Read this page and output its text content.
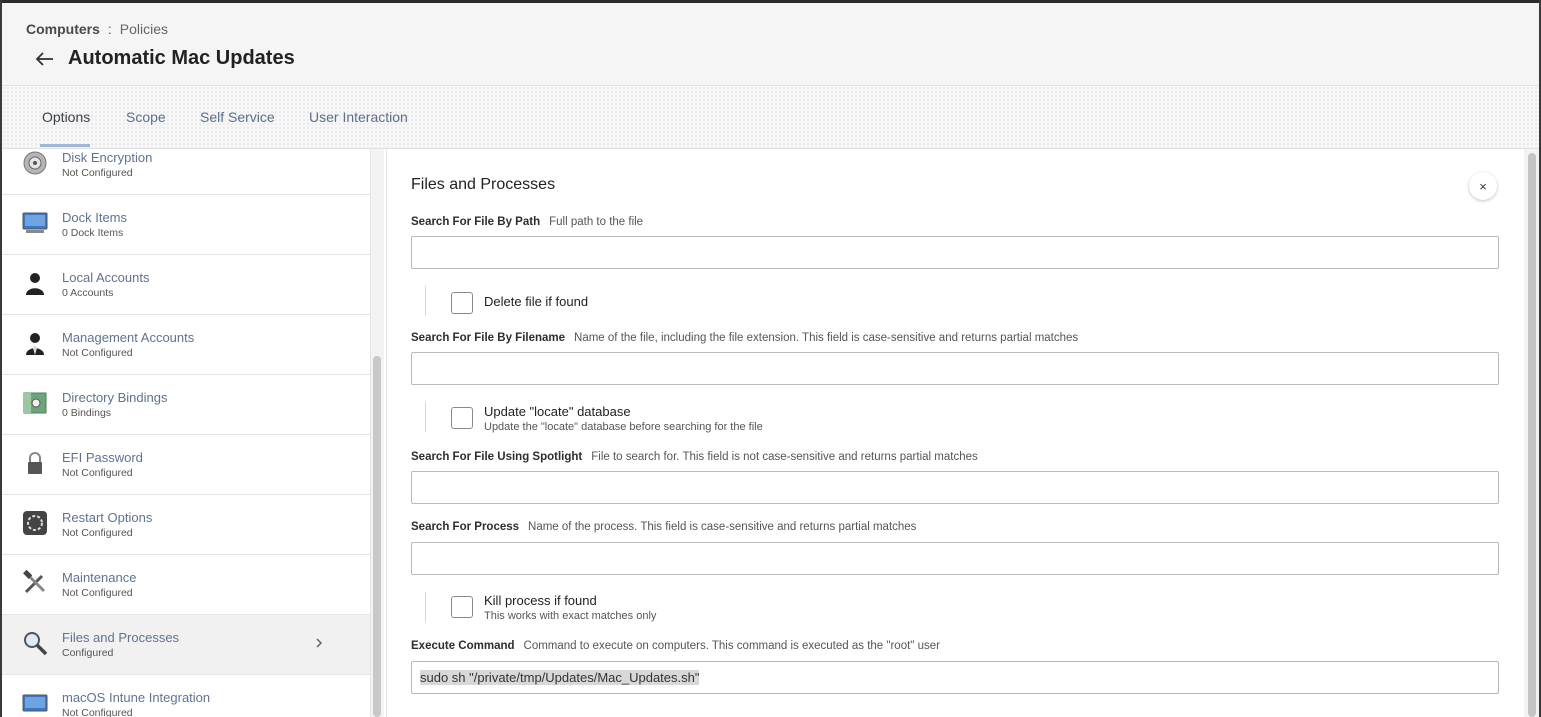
Computers : Policies
Automatic Mac Updates
Options	Scope Self Service User Interaction
Disk Encryption
Not Configured
Dock Items
0 Dock Items
Local Accounts
0 Accounts
Management Accounts
Not Configured
Directory Bindings
0 Bindings
EFI Password
Not Configured
Restart Options
Not Configured
Maintenance
Not Configured
Files and Processes
Configured
macOS Intune Integration
Not Configured
Files and Processes	×
Search For File By Path Full path to the file
Delete file if found
Search For File By Filename Name of the file, including the file extension. This field is case-sensitive and returns partial matches
Update "locate" database
Update the "locate" database before searching for the file
Search For File Using Spotlight File to search for. This field is not case-sensitive and returns partial matches
Search For Process Name of the process. This field is case-sensitive and returns partial matches
Kill process if found
This works with exact matches only
Execute Command Command to execute on computers. This command is executed as the "root" user
sudo sh "/private/tmp/Updates/Mac_Updates.sh"
